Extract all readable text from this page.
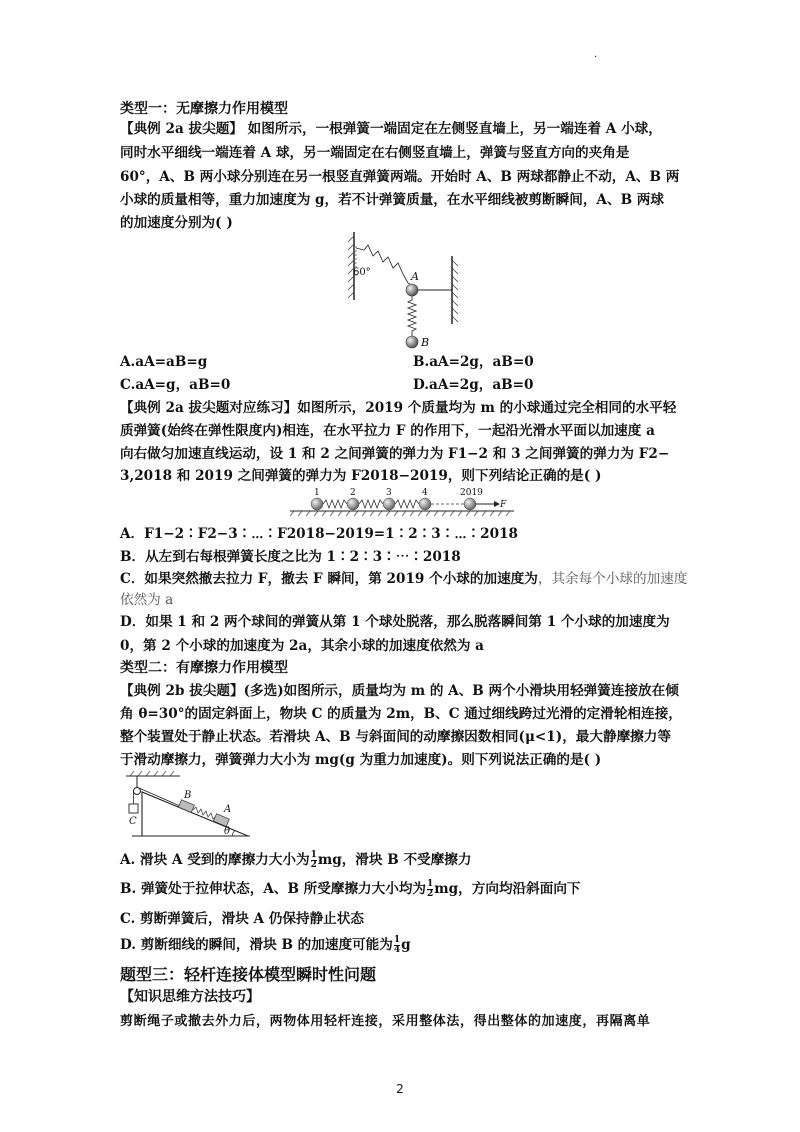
·
类型一：无摩擦力作用模型
【典例 2a 拔尖题】 如图所示，一根弹簧一端固定在左侧竖直墙上，另一端连着 A 小球，
同时水平细线一端连着 A 球，另一端固定在右侧竖直墙上，弹簧与竖直方向的夹角是
60°，A、B 两小球分别连在另一根竖直弹簧两端。开始时 A、B 两球都静止不动，A、B 两
小球的质量相等，重力加速度为 g，若不计弹簧质量，在水平细线被剪断瞬间，A、B 两球
的加速度分别为( )
60°	A
B
A.aA=aB=g	B.aA=2g，aB=0
C.aA=g，aB=0	D.aA=2g，aB=0
【典例 2a 拔尖题对应练习】如图所示，2019 个质量均为 m 的小球通过完全相同的水平轻
质弹簧(始终在弹性限度内)相连，在水平拉力 F 的作用下，一起沿光滑水平面以加速度 a
向右做匀加速直线运动，设 1 和 2 之间弹簧的弹力为 F1−2 和 3 之间弹簧的弹力为 F2−
3,2018 和 2019 之间弹簧的弹力为 F2018−2019，则下列结论正确的是( )
1	2	3	4	2019
F
A．F1−2∶F2−3∶⋯∶F2018−2019=1∶2∶3∶⋯∶2018
B．从左到右每根弹簧长度之比为 1∶2∶3∶⋯∶2018
C．如果突然撤去拉力 F，撤去 F 瞬间，第 2019 个小球的加速度为，其余每个小球的加速度
依然为 a
D．如果 1 和 2 两个球间的弹簧从第 1 个球处脱落，那么脱落瞬间第 1 个小球的加速度为
0，第 2 个小球的加速度为 2a，其余小球的加速度依然为 a
类型二：有摩擦力作用模型
【典例 2b 拔尖题】(多选)如图所示，质量均为 m 的 A、B 两个小滑块用轻弹簧连接放在倾
角 θ=30°的固定斜面上，物块 C 的质量为 2m，B、C 通过细线跨过光滑的定滑轮相连接，
整个装置处于静止状态。若滑块 A、B 与斜面间的动摩擦因数相同(μ<1)，最大静摩擦力等
于滑动摩擦力，弹簧弹力大小为 mg(g 为重力加速度)。则下列说法正确的是( )
B
A
C
θ
A. 滑块 A 受到的摩擦力大小为 $\frac{1}{2}$ mg，滑块 B 不受摩擦力
B. 弹簧处于拉伸状态，A、B 所受摩擦力大小均为 $\frac{1}{2}$ mg，方向均沿斜面向下
C. 剪断弹簧后，滑块 A 仍保持静止状态
D. 剪断细线的瞬间，滑块 B 的加速度可能为 $\frac{1}{4}$ g
题型三：轻杆连接体模型瞬时性问题
【知识思维方法技巧】
剪断绳子或撤去外力后，两物体用轻杆连接，采用整体法，得出整体的加速度，再隔离单
2
